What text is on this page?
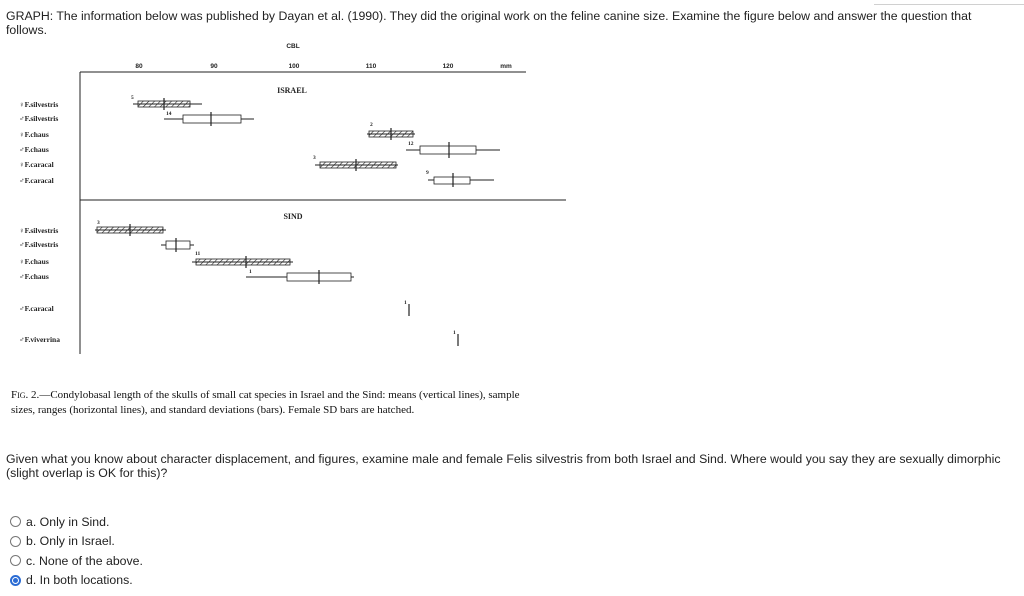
GRAPH: The information below was published by Dayan et al. (1990). They did the original work on the feline canine size. Examine the figure below and answer the question that follows.
CBL
80	90	100	110	120	mm
ISRAEL
SIND
♀F.silvestris
♂F.silvestris
♀F.chaus
♂F.chaus
♀F.caracal
♂F.caracal
♀F.silvestris
♂F.silvestris
♀F.chaus
♂F.chaus
♂F.caracal
♂F.viverrina
5
14
2
12
3
9
3
11
1
1
1
Fig. 2.—Condylobasal length of the skulls of small cat species in Israel and the Sind: means (vertical lines), sample sizes, ranges (horizontal lines), and standard deviations (bars). Female SD bars are hatched.
Given what you know about character displacement, and figures, examine male and female Felis silvestris from both Israel and Sind. Where would you say they are sexually dimorphic (slight overlap is OK for this)?
a. Only in Sind.
b. Only in Israel.
c. None of the above.
d. In both locations.
